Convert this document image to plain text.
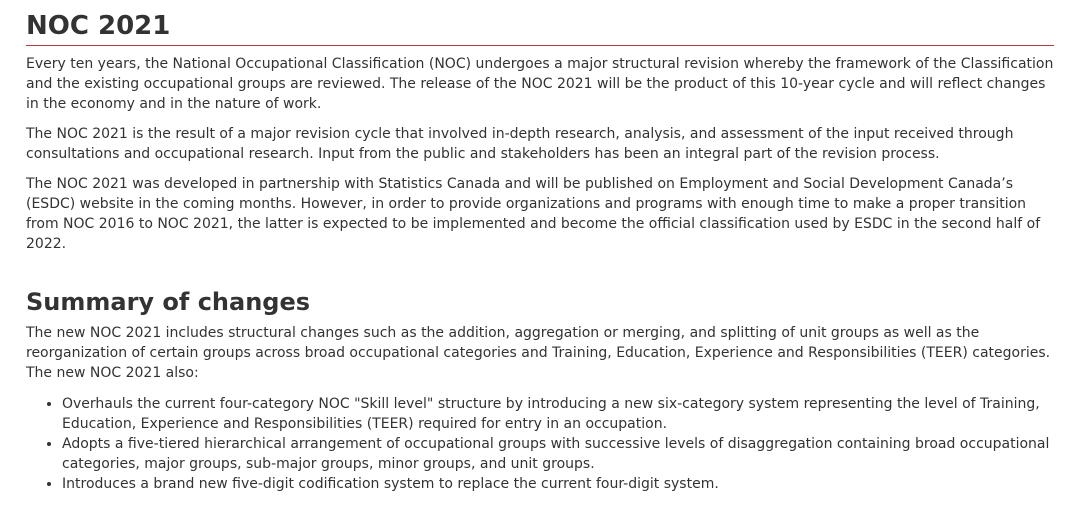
NOC 2021

Every ten years, the National Occupational Classification (NOC) undergoes a major structural revision whereby the framework of the Classification and the existing occupational groups are reviewed. The release of the NOC 2021 will be the product of this 10-year cycle and will reflect changes in the economy and in the nature of work.

The NOC 2021 is the result of a major revision cycle that involved in-depth research, analysis, and assessment of the input received through consultations and occupational research. Input from the public and stakeholders has been an integral part of the revision process.

The NOC 2021 was developed in partnership with Statistics Canada and will be published on Employment and Social Development Canada’s (ESDC) website in the coming months. However, in order to provide organizations and programs with enough time to make a proper transition from NOC 2016 to NOC 2021, the latter is expected to be implemented and become the official classification used by ESDC in the second half of 2022.

Summary of changes

The new NOC 2021 includes structural changes such as the addition, aggregation or merging, and splitting of unit groups as well as the reorganization of certain groups across broad occupational categories and Training, Education, Experience and Responsibilities (TEER) categories. The new NOC 2021 also:

• Overhauls the current four-category NOC "Skill level" structure by introducing a new six-category system representing the level of Training, Education, Experience and Responsibilities (TEER) required for entry in an occupation.
• Adopts a five-tiered hierarchical arrangement of occupational groups with successive levels of disaggregation containing broad occupational categories, major groups, sub-major groups, minor groups, and unit groups.
• Introduces a brand new five-digit codification system to replace the current four-digit system.
